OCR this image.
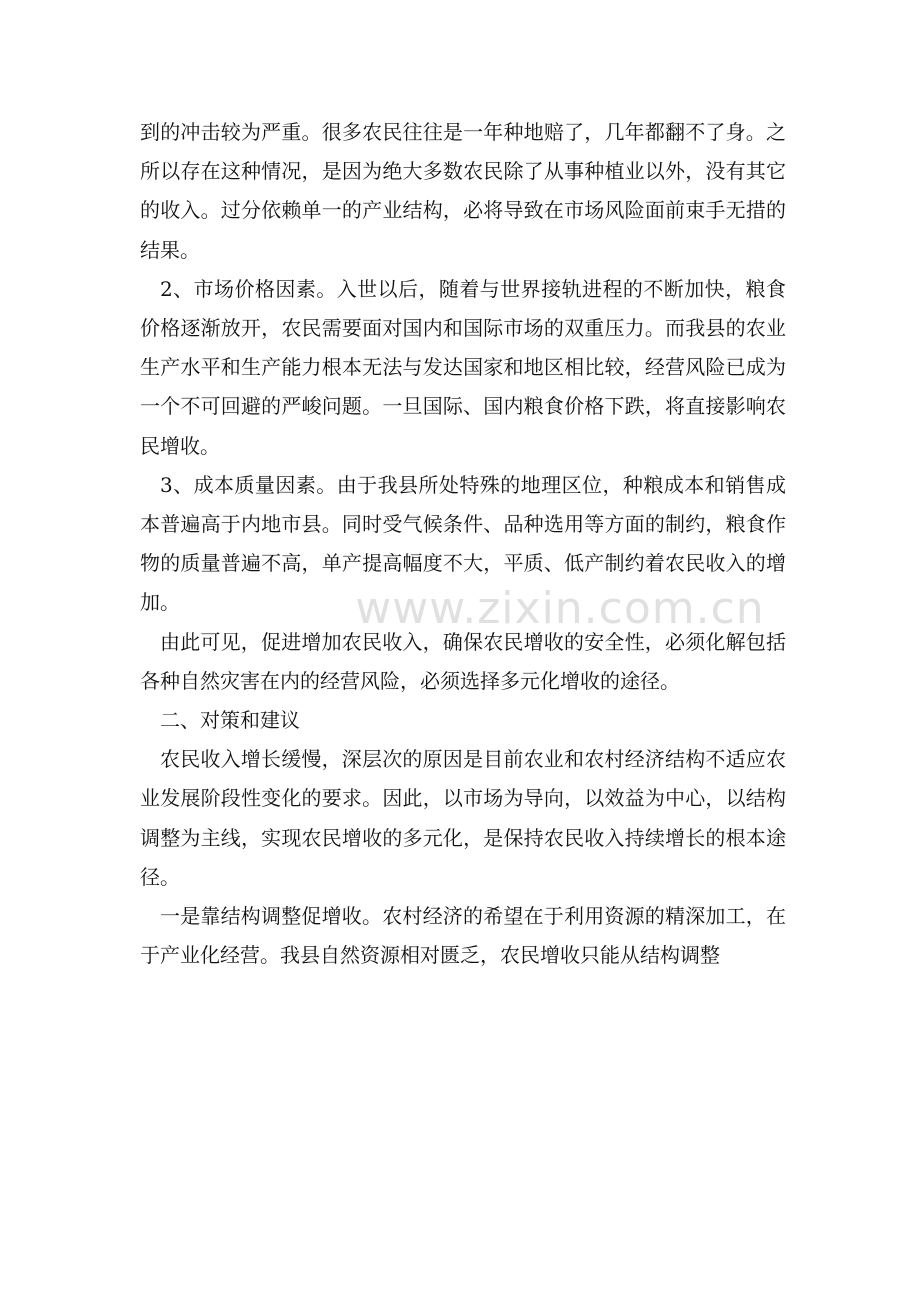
到的冲击较为严重。很多农民往往是一年种地赔了，几年都翻不了身。之所以存在这种情况，是因为绝大多数农民除了从事种植业以外，没有其它的收入。过分依赖单一的产业结构，必将导致在市场风险面前束手无措的结果。

2、市场价格因素。入世以后，随着与世界接轨进程的不断加快，粮食价格逐渐放开，农民需要面对国内和国际市场的双重压力。而我县的农业生产水平和生产能力根本无法与发达国家和地区相比较，经营风险已成为一个不可回避的严峻问题。一旦国际、国内粮食价格下跌，将直接影响农民增收。

3、成本质量因素。由于我县所处特殊的地理区位，种粮成本和销售成本普遍高于内地市县。同时受气候条件、品种选用等方面的制约，粮食作物的质量普遍不高，单产提高幅度不大，平质、低产制约着农民收入的增加。

由此可见，促进增加农民收入，确保农民增收的安全性，必须化解包括各种自然灾害在内的经营风险，必须选择多元化增收的途径。

二、对策和建议

农民收入增长缓慢，深层次的原因是目前农业和农村经济结构不适应农业发展阶段性变化的要求。因此，以市场为导向，以效益为中心，以结构调整为主线，实现农民增收的多元化，是保持农民收入持续增长的根本途径。

一是靠结构调整促增收。农村经济的希望在于利用资源的精深加工，在于产业化经营。我县自然资源相对匮乏，农民增收只能从结构调整

www.zixin.com.cn
